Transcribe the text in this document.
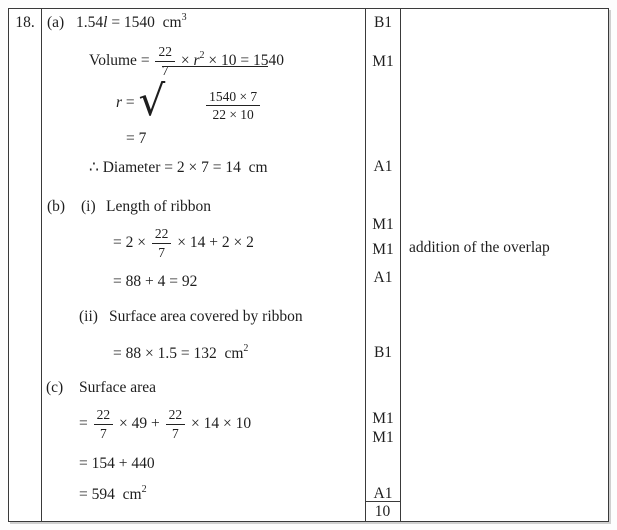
18. (a) 1.54l = 1540  $cm^3$
Volume = $\frac{22}{7} \times r^2 \times 10 = 1540$
r = √

	$\frac{1540 \times 7}{22 \times 10}$

= 7
∴ Diameter = 2 × 7 = 14  cm
(b) (i) Length of ribbon
= $2 \times \frac{22}{7} \times 14 + 2 \times 2$
= 88 + 4 = 92
(ii) Surface area covered by ribbon
= 88 × 1.5 = 132  $cm^2$
(c) Surface area
= $\frac{22}{7} \times 49 + \frac{22}{7} \times 14 \times 10$
= 154 + 440
= 594  $cm^2$
B1
M1
A1
M1
M1
A1
B1
M1
M1
A1
10
addition of the overlap
